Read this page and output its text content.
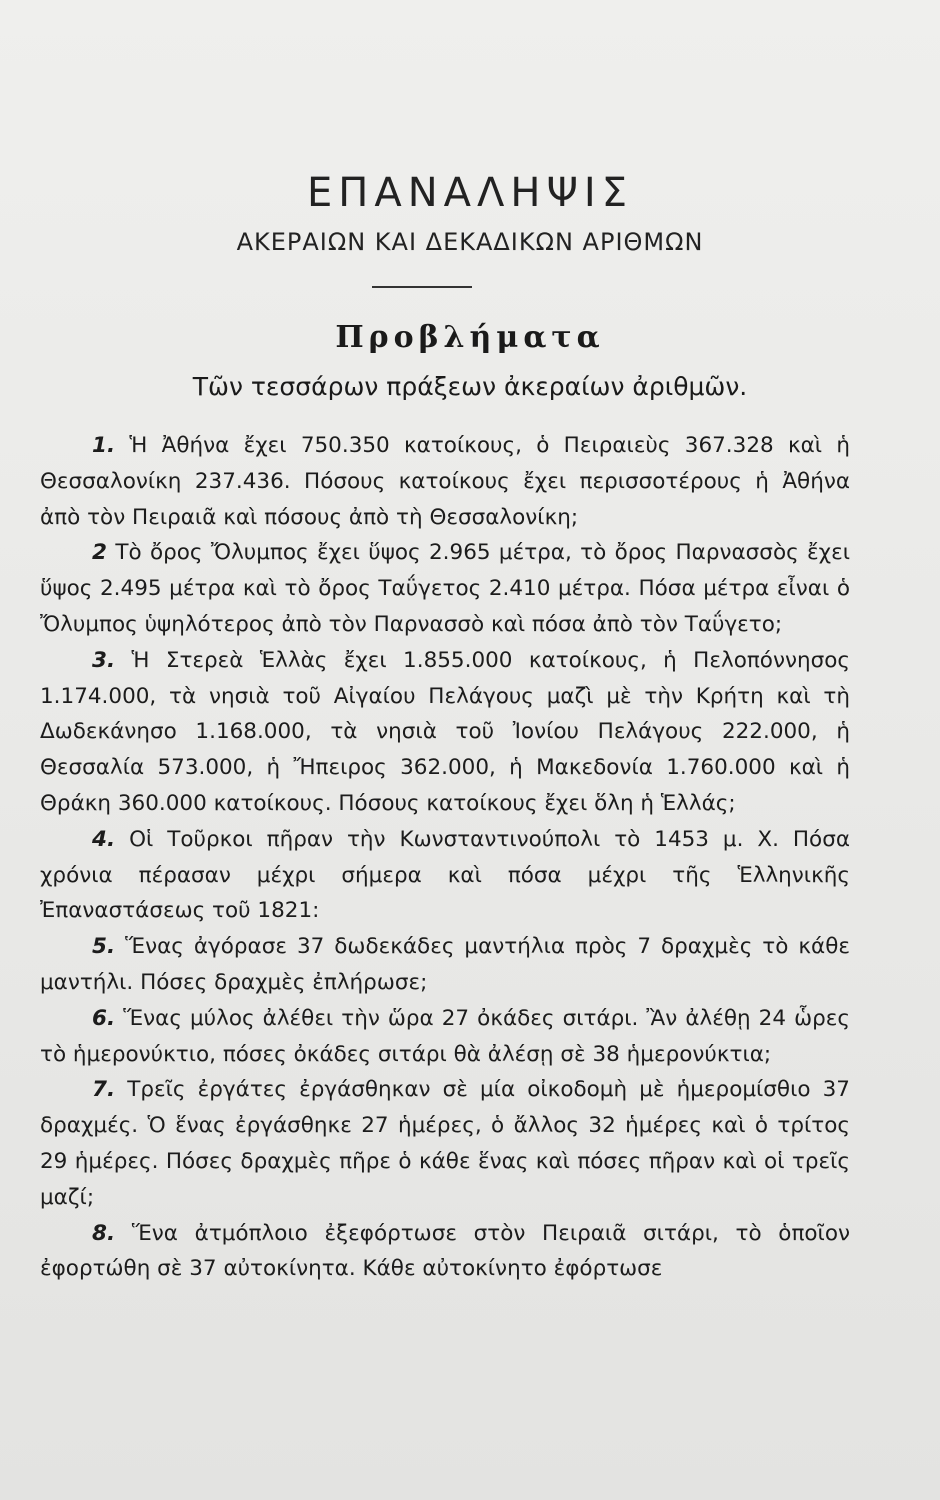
ΕΠΑΝΑΛΗΨΙΣ
ΑΚΕΡΑΙΩΝ ΚΑΙ ΔΕΚΑΔΙΚΩΝ ΑΡΙΘΜΩΝ
Προβλήματα
Τῶν τεσσάρων πράξεων ἀκεραίων ἀριθμῶν.

1. Ἡ Ἀθήνα ἔχει 750.350 κατοίκους, ὁ Πειραιεὺς 367.328 καὶ ἡ Θεσσαλονίκη 237.436. Πόσους κατοίκους ἔχει περισσοτέρους ἡ Ἀθήνα ἀπὸ τὸν Πειραιᾶ καὶ πόσους ἀπὸ τὴ Θεσσαλονίκη;

2 Τὸ ὄρος Ὄλυμπος ἔχει ὕψος 2.965 μέτρα, τὸ ὄρος Παρνασσὸς ἔχει ὕψος 2.495 μέτρα καὶ τὸ ὄρος Ταΰγετος 2.410 μέτρα. Πόσα μέτρα εἶναι ὁ Ὄλυμπος ὑψηλότερος ἀπὸ τὸν Παρνασσὸ καὶ πόσα ἀπὸ τὸν Ταΰγετο;

3. Ἡ Στερεὰ Ἑλλὰς ἔχει 1.855.000 κατοίκους, ἡ Πελοπόννησος 1.174.000, τὰ νησιὰ τοῦ Αἰγαίου Πελάγους μαζὶ μὲ τὴν Κρήτη καὶ τὴ Δωδεκάνησο 1.168.000, τὰ νησιὰ τοῦ Ἰονίου Πελάγους 222.000, ἡ Θεσσαλία 573.000, ἡ Ἤπειρος 362.000, ἡ Μακεδονία 1.760.000 καὶ ἡ Θράκη 360.000 κατοίκους. Πόσους κατοίκους ἔχει ὅλη ἡ Ἑλλάς;

4. Οἱ Τοῦρκοι πῆραν τὴν Κωνσταντινούπολι τὸ 1453 μ. Χ. Πόσα χρόνια πέρασαν μέχρι σήμερα καὶ πόσα μέχρι τῆς Ἑλληνικῆς Ἐπαναστάσεως τοῦ 1821:

5. Ἕνας ἀγόρασε 37 δωδεκάδες μαντήλια πρὸς 7 δραχμὲς τὸ κάθε μαντήλι. Πόσες δραχμὲς ἐπλήρωσε;

6. Ἕνας μύλος ἀλέθει τὴν ὥρα 27 ὀκάδες σιτάρι. Ἂν ἀλέθῃ 24 ὧρες τὸ ἡμερονύκτιο, πόσες ὀκάδες σιτάρι θὰ ἀλέσῃ σὲ 38 ἡμερονύκτια;

7. Τρεῖς ἐργάτες ἐργάσθηκαν σὲ μία οἰκοδομὴ μὲ ἡμερομίσθιο 37 δραχμές. Ὁ ἕνας ἐργάσθηκε 27 ἡμέρες, ὁ ἄλλος 32 ἡμέρες καὶ ὁ τρίτος 29 ἡμέρες. Πόσες δραχμὲς πῆρε ὁ κάθε ἕνας καὶ πόσες πῆραν καὶ οἱ τρεῖς μαζί;

8. Ἕνα ἀτμόπλοιο ἐξεφόρτωσε στὸν Πειραιᾶ σιτάρι, τὸ ὁποῖον ἐφορτώθη σὲ 37 αὐτοκίνητα. Κάθε αὐτοκίνητο ἐφόρτωσε
